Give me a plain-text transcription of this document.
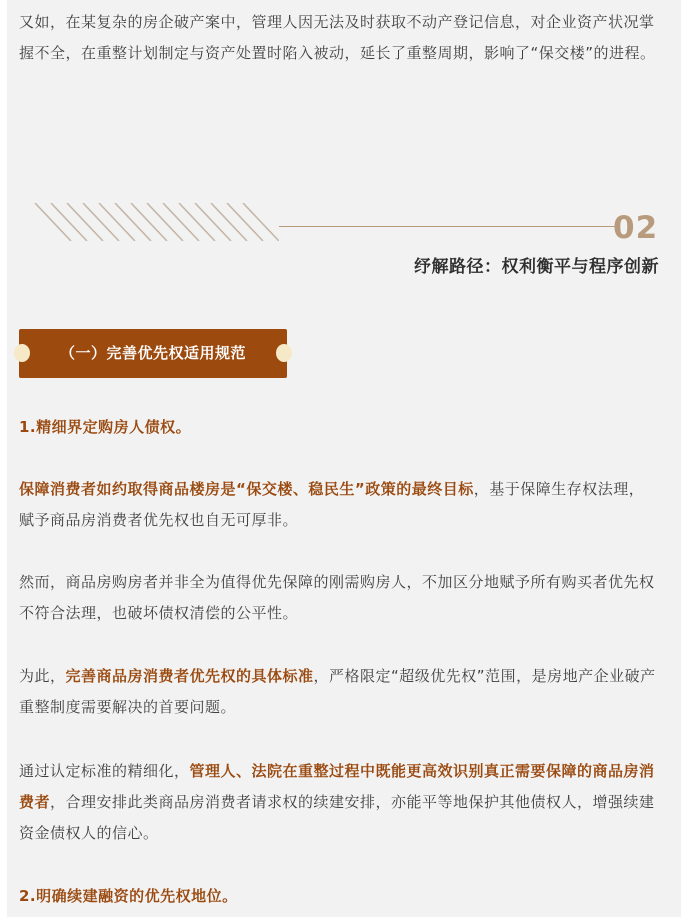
又如，在某复杂的房企破产案中，管理人因无法及时获取不动产登记信息，对企业资产状况掌握不全，在重整计划制定与资产处置时陷入被动，延长了重整周期，影响了“保交楼”的进程。

02
纾解路径：权利衡平与程序创新
（一）完善优先权适用规范
1.精细界定购房人债权。

保障消费者如约取得商品楼房是“保交楼、稳民生”政策的最终目标，基于保障生存权法理，赋予商品房消费者优先权也自无可厚非。

然而，商品房购房者并非全为值得优先保障的刚需购房人，不加区分地赋予所有购买者优先权不符合法理，也破坏债权清偿的公平性。

为此，完善商品房消费者优先权的具体标准，严格限定“超级优先权”范围，是房地产企业破产重整制度需要解决的首要问题。

通过认定标准的精细化，管理人、法院在重整过程中既能更高效识别真正需要保障的商品房消费者，合理安排此类商品房消费者请求权的续建安排，亦能平等地保护其他债权人，增强续建资金债权人的信心。

2.明确续建融资的优先权地位。
